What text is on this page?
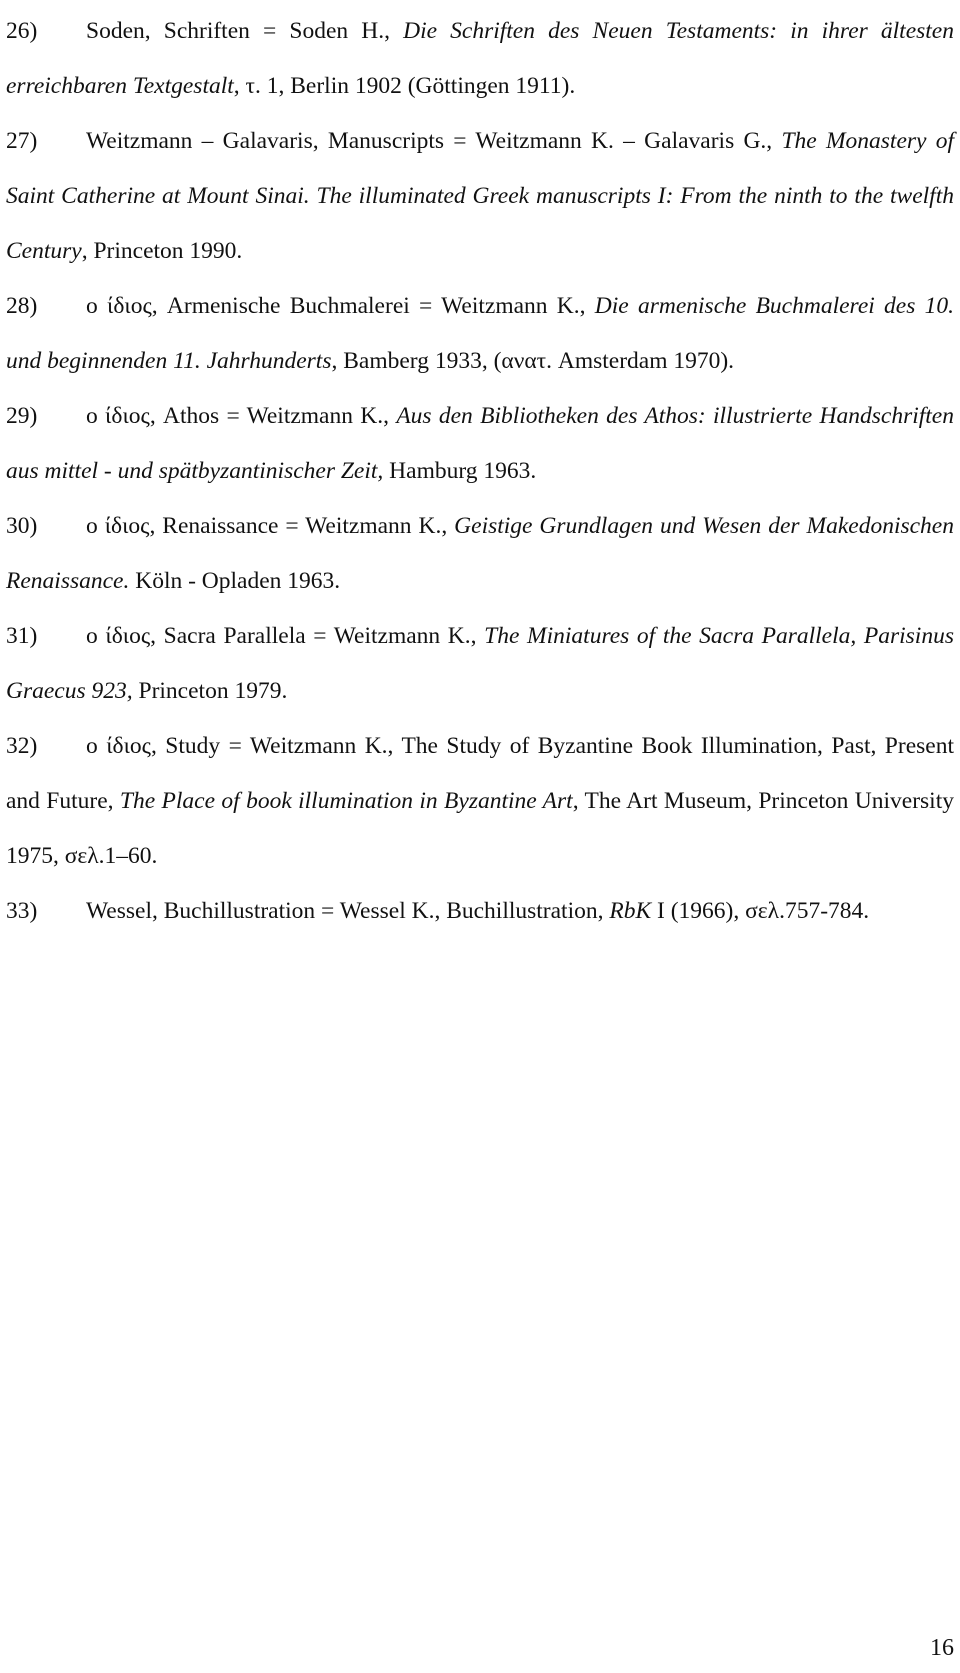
26) Soden, Schriften = Soden H., Die Schriften des Neuen Testaments: in ihrer ältesten erreichbaren Textgestalt, τ. 1, Berlin 1902 (Göttingen 1911).
27) Weitzmann – Galavaris, Manuscripts = Weitzmann K. – Galavaris G., The Monastery of Saint Catherine at Mount Sinai. The illuminated Greek manuscripts I: From the ninth to the twelfth Century, Princeton 1990.
28) ο ίδιος, Armenische Buchmalerei = Weitzmann K., Die armenische Buchmalerei des 10. und beginnenden 11. Jahrhunderts, Bamberg 1933, (ανατ. Amsterdam 1970).
29) ο ίδιος, Athos = Weitzmann K., Aus den Bibliotheken des Athos: illustrierte Handschriften aus mittel - und spätbyzantinischer Zeit, Hamburg 1963.
30) ο ίδιος, Renaissance = Weitzmann K., Geistige Grundlagen und Wesen der Makedonischen Renaissance. Köln - Opladen 1963.
31) ο ίδιος, Sacra Parallela = Weitzmann K., The Miniatures of the Sacra Parallela, Parisinus Graecus 923, Princeton 1979.
32) ο ίδιος, Study = Weitzmann K., The Study of Byzantine Book Illumination, Past, Present and Future, The Place of book illumination in Byzantine Art, The Art Museum, Princeton University 1975, σελ.1–60.
33) Wessel, Buchillustration = Wessel K., Buchillustration, RbK I (1966), σελ.757-784.
16
